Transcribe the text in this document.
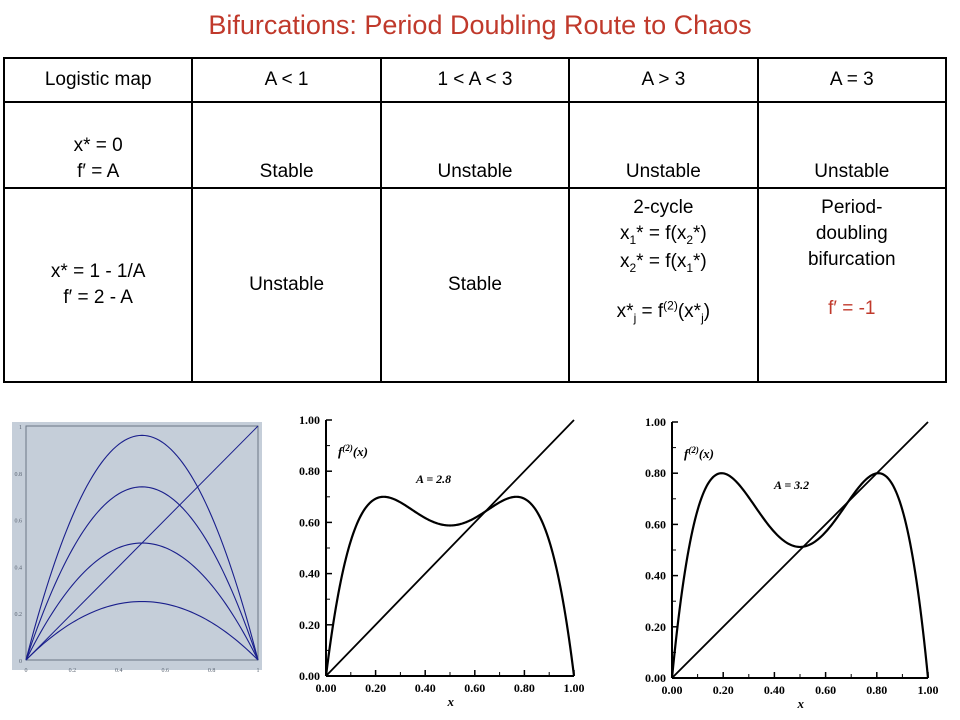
Bifurcations: Period Doubling Route to Chaos
Logistic map	A < 1	1 < A < 3	A > 3	A = 3
x* = 0
f′ = A	Stable	Unstable	Unstable	Unstable
x* = 1 - 1/A
f′ = 2 - A	Unstable	Stable	2-cycle
$x_1* = f(x_2*)$
$x_2* = f(x_1*)$
$x*_j = f^{(2)}(x*_j)$	Period-
doubling
bifurcation
f′ = -1
0
0.2
0.4
0.6
0.8
1
0	0.2	0.4	0.6	0.8	1	0.00
0.20
0.40
0.60
0.80
1.00
0.00 0.20 0.40 0.60 0.80 1.00
$f^{(2)}(x)$
A = 2.8
x
0.00
0.20
0.40
0.60
0.80
1.00
0.00	0.20	0.40	0.60	0.80	1.00
$f^{(2)}(x)$
A = 3.2
x
